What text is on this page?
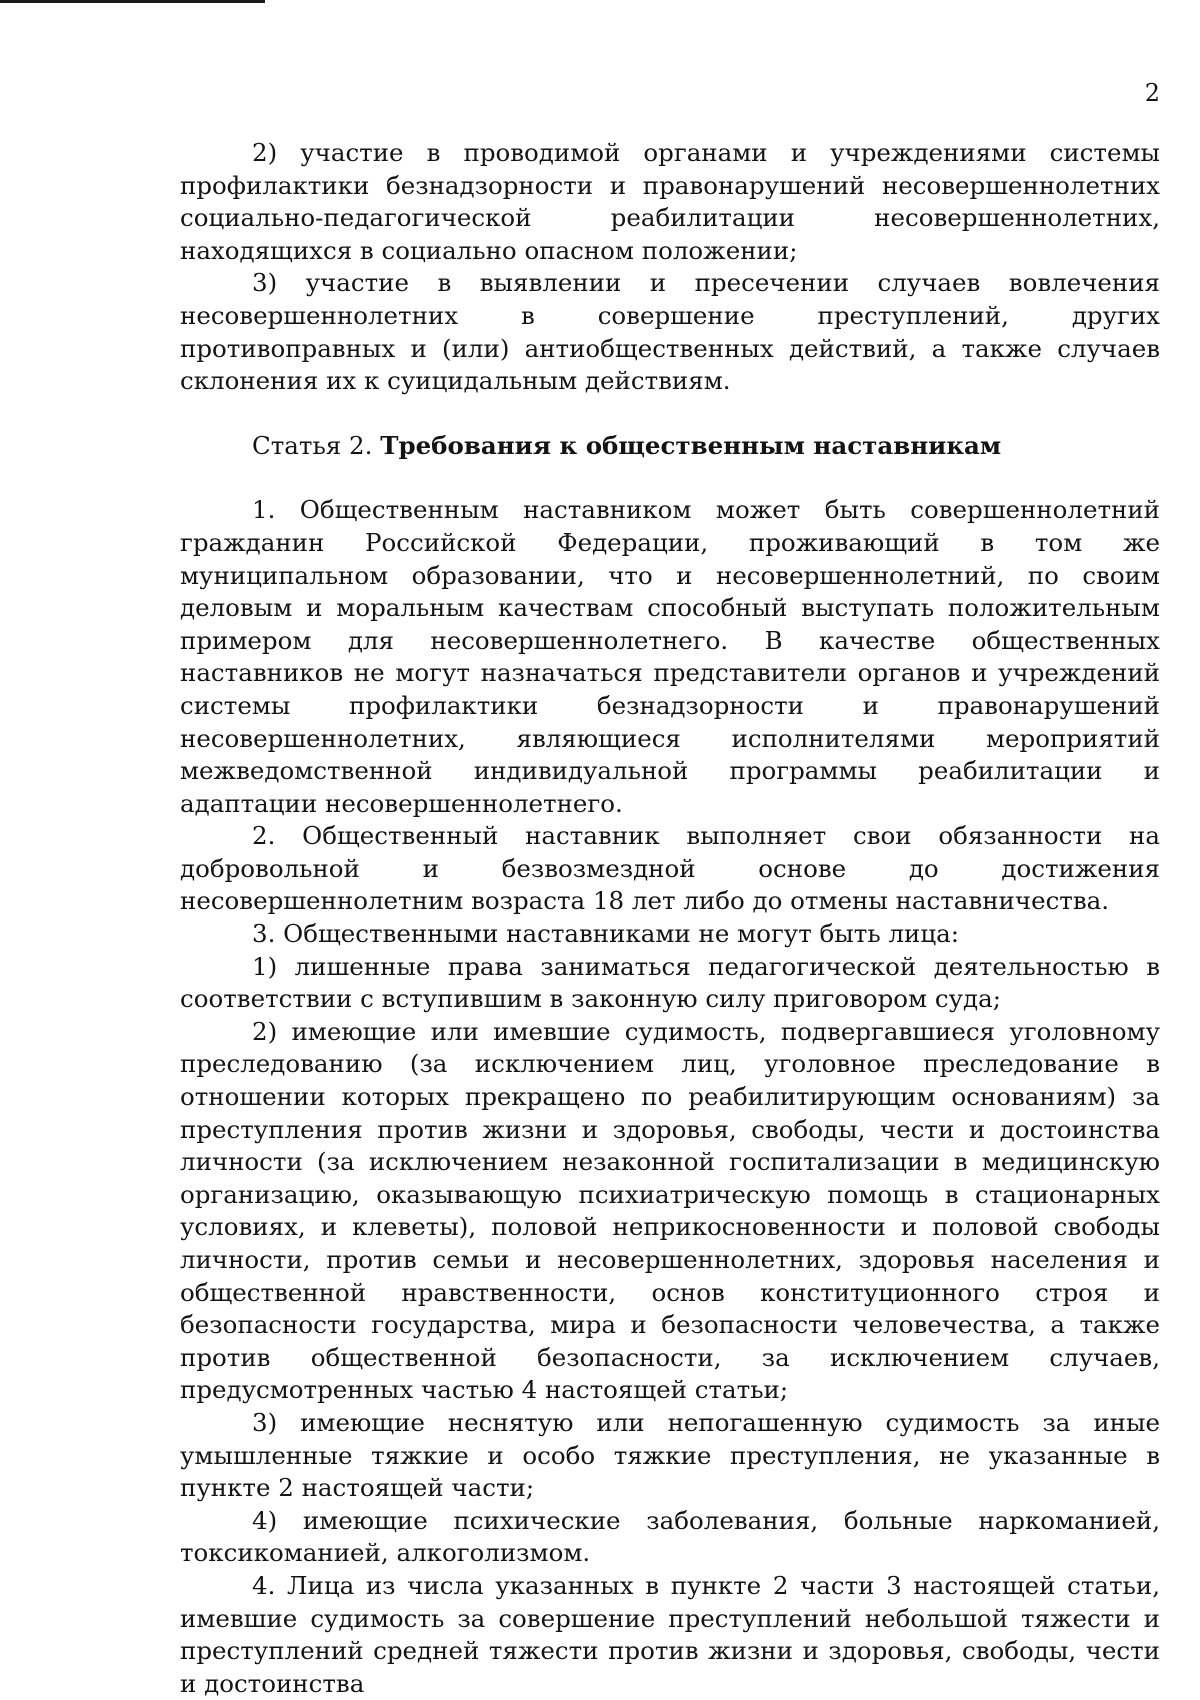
2

2) участие в проводимой органами и учреждениями системы профилактики безнадзорности и правонарушений несовершеннолетних социально-педагогической реабилитации несовершеннолетних, находящихся в социально опасном положении;

3) участие в выявлении и пресечении случаев вовлечения несовершеннолетних в совершение преступлений, других противоправных и (или) антиобщественных действий, а также случаев склонения их к суицидальным действиям.

Статья 2. Требования к общественным наставникам

1. Общественным наставником может быть совершеннолетний гражданин Российской Федерации, проживающий в том же муниципальном образовании, что и несовершеннолетний, по своим деловым и моральным качествам способный выступать положительным примером для несовершеннолетнего. В качестве общественных наставников не могут назначаться представители органов и учреждений системы профилактики безнадзорности и правонарушений несовершеннолетних, являющиеся исполнителями мероприятий межведомственной индивидуальной программы реабилитации и адаптации несовершеннолетнего.

2. Общественный наставник выполняет свои обязанности на добровольной и безвозмездной основе до достижения несовершеннолетним возраста 18 лет либо до отмены наставничества.

3. Общественными наставниками не могут быть лица:

1) лишенные права заниматься педагогической деятельностью в соответствии с вступившим в законную силу приговором суда;

2) имеющие или имевшие судимость, подвергавшиеся уголовному преследованию (за исключением лиц, уголовное преследование в отношении которых прекращено по реабилитирующим основаниям) за преступления против жизни и здоровья, свободы, чести и достоинства личности (за исключением незаконной госпитализации в медицинскую организацию, оказывающую психиатрическую помощь в стационарных условиях, и клеветы), половой неприкосновенности и половой свободы личности, против семьи и несовершеннолетних, здоровья населения и общественной нравственности, основ конституционного строя и безопасности государства, мира и безопасности человечества, а также против общественной безопасности, за исключением случаев, предусмотренных частью 4 настоящей статьи;

3) имеющие неснятую или непогашенную судимость за иные умышленные тяжкие и особо тяжкие преступления, не указанные в пункте 2 настоящей части;

4) имеющие психические заболевания, больные наркоманией, токсикоманией, алкоголизмом.

4. Лица из числа указанных в пункте 2 части 3 настоящей статьи, имевшие судимость за совершение преступлений небольшой тяжести и преступлений средней тяжести против жизни и здоровья, свободы, чести и достоинства
